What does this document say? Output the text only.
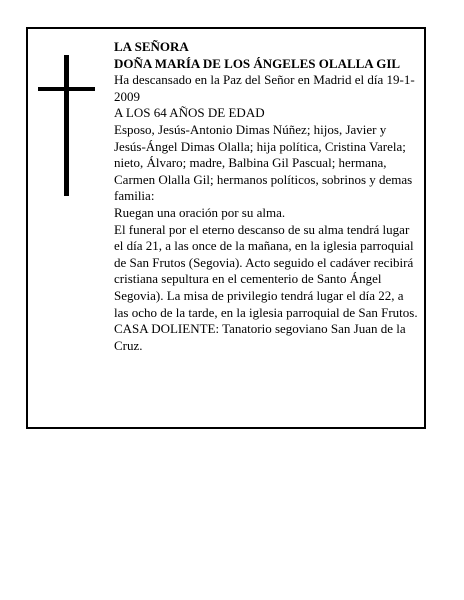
LA SEÑORA

DOÑA MARÍA DE LOS ÁNGELES OLALLA GIL

Ha descansado en la Paz del Señor en Madrid el día 19-1-2009

A LOS 64 AÑOS DE EDAD

Esposo, Jesús-Antonio Dimas Núñez; hijos, Javier y Jesús-Ángel Dimas Olalla; hija política, Cristina Varela; nieto, Álvaro; madre, Balbina Gil Pascual; hermana, Carmen Olalla Gil; hermanos políticos, sobrinos y demas familia:

Ruegan una oración por su alma.

El funeral por el eterno descanso de su alma tendrá lugar el día 21, a las once de la mañana, en la iglesia parroquial de San Frutos (Segovia). Acto seguido el cadáver recibirá cristiana sepultura en el cementerio de Santo Ángel Segovia). La misa de privilegio tendrá lugar el día 22, a las ocho de la tarde, en la iglesia parroquial de San Frutos.

CASA DOLIENTE: Tanatorio segoviano San Juan de la Cruz.
